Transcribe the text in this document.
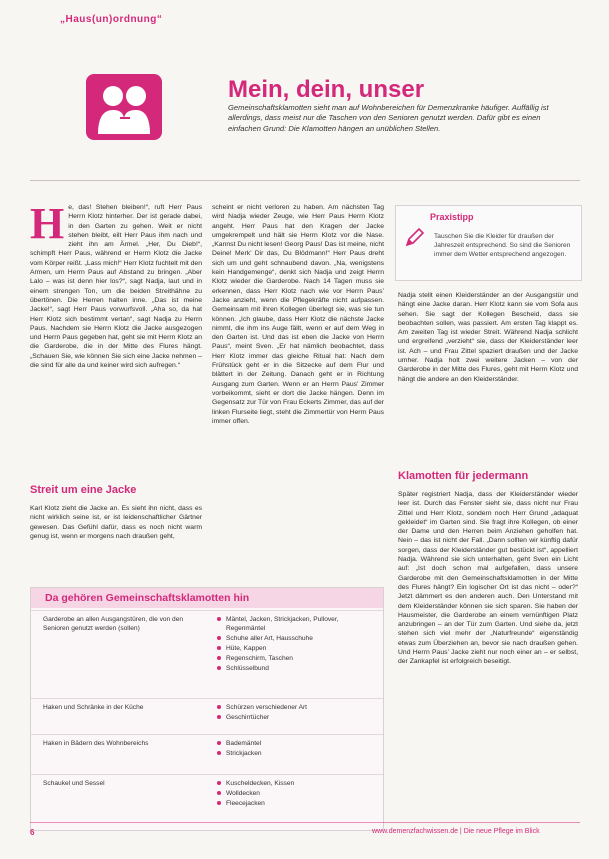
„Haus(un)ordnung“
Mein, dein, unser
Gemeinschaftsklamotten sieht man auf Wohnbereichen für Demenzkranke häufiger. Auffällig ist allerdings, dass meist nur die Taschen von den Senioren genutzt werden. Dafür gibt es einen einfachen Grund: Die Klamotten hängen an unüblichen Stellen.
H e, das! Stehen bleiben!“, ruft Herr Paus Herrn Klotz hinterher. Der ist gerade dabei, in den Garten zu gehen. Weit er nicht stehen bleibt, eilt Herr Paus ihm nach und zieht ihn am Ärmel. „Her, Du Dieb!“, schimpft Herr Paus, während er Herrn Klotz die Jacke vom Körper reißt. „Lass mich!“ Herr Klotz fuchtelt mit den Armen, um Herrn Paus auf Abstand zu bringen. „Aber Lalo – was ist denn hier los?“, sagt Nadja, laut und in einem strengen Ton, um die beiden Streithähne zu übertönen. Die Herren halten inne. „Das ist meine Jacke!“, sagt Herr Paus vorwurfsvoll. „Aha so, da hat Herr Klotz sich bestimmt vertan“, sagt Nadja zu Herrn Paus. Nachdem sie Herrn Klotz die Jacke ausgezogen und Herrn Paus gegeben hat, geht sie mit Herrn Klotz an die Garderobe, die in der Mitte des Flures hängt. „Schauen Sie, wie können Sie sich eine Jacke nehmen – die sind für alle da und keiner wird sich aufregen.“

Streit um eine Jacke
Karl Klotz zieht die Jacke an. Es sieht ihn nicht, dass es nicht wirklich seine ist, er ist leidenschaftlicher Gärtner gewesen. Das Gefühl dafür, dass es noch nicht warm genug ist, wenn er morgens nach draußen geht,
scheint er nicht verloren zu haben. Am nächsten Tag wird Nadja wieder Zeuge, wie Herr Paus Herrn Klotz angeht. Herr Paus hat den Kragen der Jacke umgekrempelt und hält sie Herrn Klotz vor die Nase. „Kannst Du nicht lesen! Georg Paus! Das ist meine, nicht Deine! Merk’ Dir das, Du Blödmann!“ Herr Paus dreht sich um und geht schnaubend davon. „Na, wenigstens kein Handgemenge“, denkt sich Nadja und zeigt Herrn Klotz wieder die Garderobe. Nach 14 Tagen muss sie erkennen, dass Herr Klotz nach wie vor Herrn Paus’ Jacke anzieht, wenn die Pflegekräfte nicht aufpassen. Gemeinsam mit ihren Kollegen überlegt sie, was sie tun können. „Ich glaube, dass Herr Klotz die nächste Jacke nimmt, die ihm ins Auge fällt, wenn er auf dem Weg in den Garten ist. Und das ist eben die Jacke von Herrn Paus“, meint Sven. „Er hat nämlich beobachtet, dass Herr Klotz immer das gleiche Ritual hat: Nach dem Frühstück geht er in die Sitzecke auf dem Flur und blättert in der Zeitung. Danach geht er in Richtung Ausgang zum Garten. Wenn er an Herrn Paus’ Zimmer vorbeikommt, sieht er dort die Jacke hängen. Denn im Gegensatz zur Tür von Frau Eckerts Zimmer, das auf der linken Flurseite liegt, steht die Zimmertür von Herrn Paus immer offen.
Praxistipp
Tauschen Sie die Kleider für draußen der Jahreszeit entsprechend. So sind die Senioren immer dem Wetter entsprechend angezogen.
Nadja stellt einen Kleiderständer an der Ausgangstür und hängt eine Jacke daran. Herr Klotz kann sie vom Sofa aus sehen. Sie sagt der Kollegen Bescheid, dass sie beobachten sollen, was passiert. Am ersten Tag klappt es. Am zweiten Tag ist wieder Streit. Während Nadja schlicht und ergreifend „verzieht“ sie, dass der Kleiderständer leer ist. Ach – und Frau Zittel spaziert draußen und der Jacke umher. Nadja holt zwei weitere Jacken – von der Garderobe in der Mitte des Flures, geht mit Herrn Klotz und hängt die andere an den Kleiderständer.
Klamotten für jedermann
Später registriert Nadja, dass der Kleiderständer wieder leer ist. Durch das Fenster sieht sie, dass nicht nur Frau Zittel und Herr Klotz, sondern noch Herr Grund „adaquat gekleidet“ im Garten sind. Sie fragt ihre Kollegen, ob einer der Dame und den Herren beim Anziehen geholfen hat. Nein – das ist nicht der Fall. „Dann sollten wir künftig dafür sorgen, dass der Kleiderständer gut bestückt ist“, appelliert Nadja. Während sie sich unterhalten, geht Sven ein Licht auf: „Ist doch schon mal aufgefallen, dass unsere Garderobe mit den Gemeinschaftsklamotten in der Mitte des Flures hängt? Ein logischer Ort ist das nicht – oder?“ Jetzt dämmert es den anderen auch. Den Unterstand mit dem Kleiderständer können sie sich sparen. Sie haben der Hausmeister, die Garderobe an einem vernünftigen Platz anzubringen – an der Tür zum Garten. Und siehe da, jetzt stehen sich viel mehr der „Naturfreunde“ eigenständig etwas zum Überziehen an, bevor sie nach draußen gehen. Und Herrn Paus’ Jacke zieht nur noch einer an – er selbst, der Zankapfel ist erfolgreich beseitigt.
Da gehören Gemeinschaftsklamotten hin
Garderobe an allen Ausgangstüren, die von den Senioren genutzt werden (sollen)
Mäntel, Jacken, Strickjacken, Pullover, Regenmäntel
Schuhe aller Art, Hausschuhe
Hüte, Kappen
Regenschirm, Taschen
Schlüsselbund
Haken und Schränke in der Küche	Schürzen verschiedener Art
Geschirrtücher
Haken in Bädern des Wohnbereichs	Bademäntel
Strickjacken
Schaukel und Sessel	Kuscheldecken, Kissen
Wolldecken
Fleecejacken
6	www.demenzfachwissen.de | Die neue Pflege im Blick
